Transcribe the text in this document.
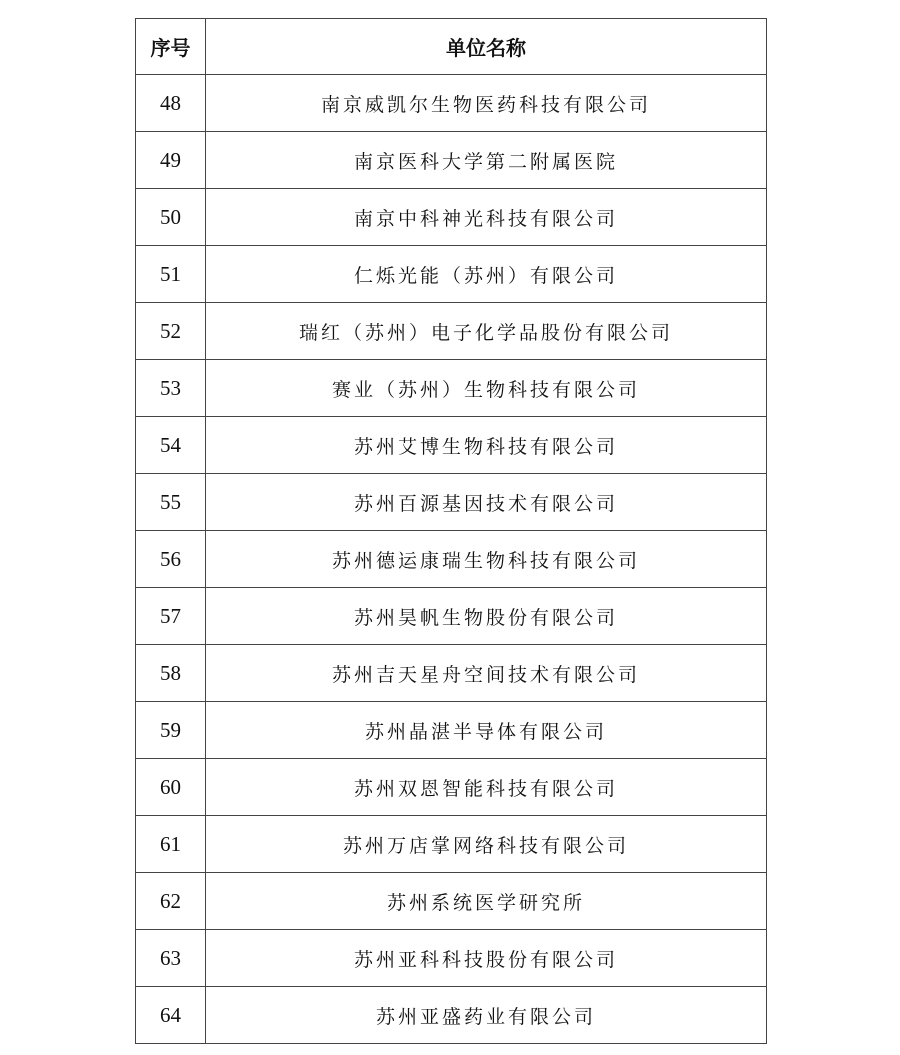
序号	单位名称
48	南京威凯尔生物医药科技有限公司
49	南京医科大学第二附属医院
50	南京中科神光科技有限公司
51	仁烁光能（苏州）有限公司
52	瑞红（苏州）电子化学品股份有限公司
53	赛业（苏州）生物科技有限公司
54	苏州艾博生物科技有限公司
55	苏州百源基因技术有限公司
56	苏州德运康瑞生物科技有限公司
57	苏州昊帆生物股份有限公司
58	苏州吉天星舟空间技术有限公司
59	苏州晶湛半导体有限公司
60	苏州双恩智能科技有限公司
61	苏州万店掌网络科技有限公司
62	苏州系统医学研究所
63	苏州亚科科技股份有限公司
64	苏州亚盛药业有限公司
